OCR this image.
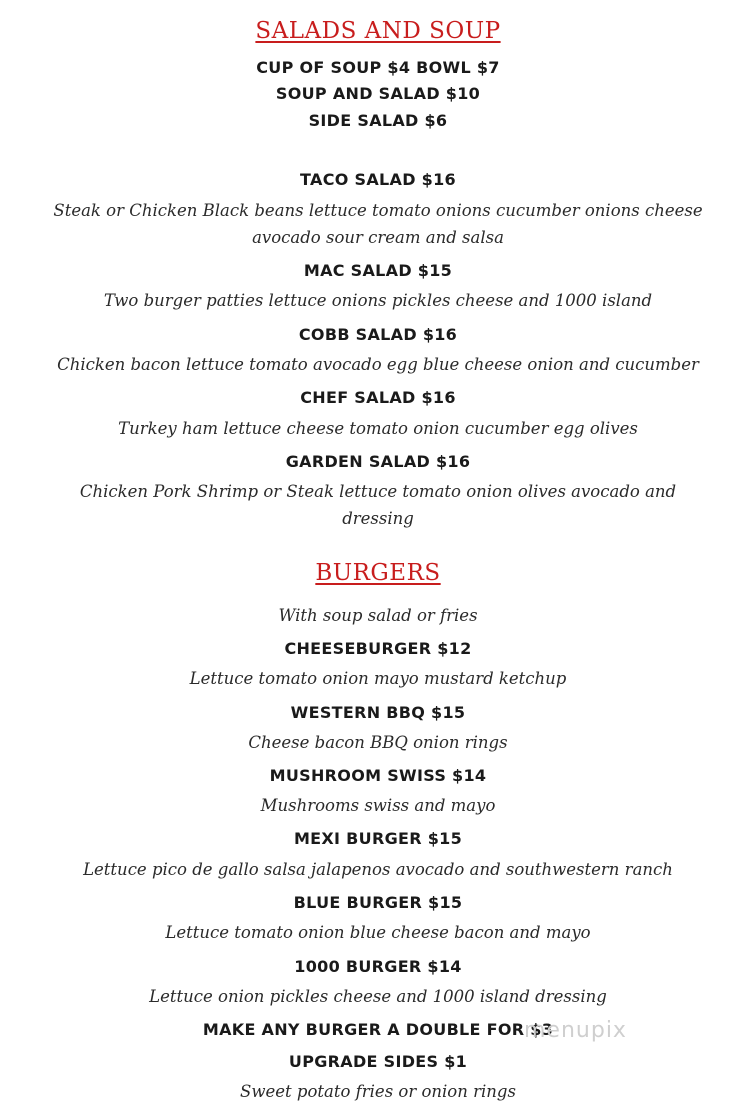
SALADS AND SOUP
CUP OF SOUP $4 BOWL $7
SOUP AND SALAD $10
SIDE SALAD $6
TACO SALAD $16
Steak or Chicken Black beans lettuce tomato onions cucumber onions cheese
avocado sour cream and salsa
MAC SALAD $15
Two burger patties lettuce onions pickles cheese and 1000 island
COBB SALAD $16
Chicken bacon lettuce tomato avocado egg blue cheese onion and cucumber
CHEF SALAD $16
Turkey ham lettuce cheese tomato onion cucumber egg olives
GARDEN SALAD $16
Chicken Pork Shrimp or Steak lettuce tomato onion olives avocado and
dressing
BURGERS
With soup salad or fries
CHEESEBURGER $12
Lettuce tomato onion mayo mustard ketchup
WESTERN BBQ $15
Cheese bacon BBQ onion rings
MUSHROOM SWISS $14
Mushrooms swiss and mayo
MEXI BURGER $15
Lettuce pico de gallo salsa jalapenos avocado and southwestern ranch
BLUE BURGER $15
Lettuce tomato onion blue cheese bacon and mayo
1000 BURGER $14
Lettuce onion pickles cheese and 1000 island dressing
MAKE ANY BURGER A DOUBLE FOR $3
UPGRADE SIDES $1
Sweet potato fries or onion rings
menupix
